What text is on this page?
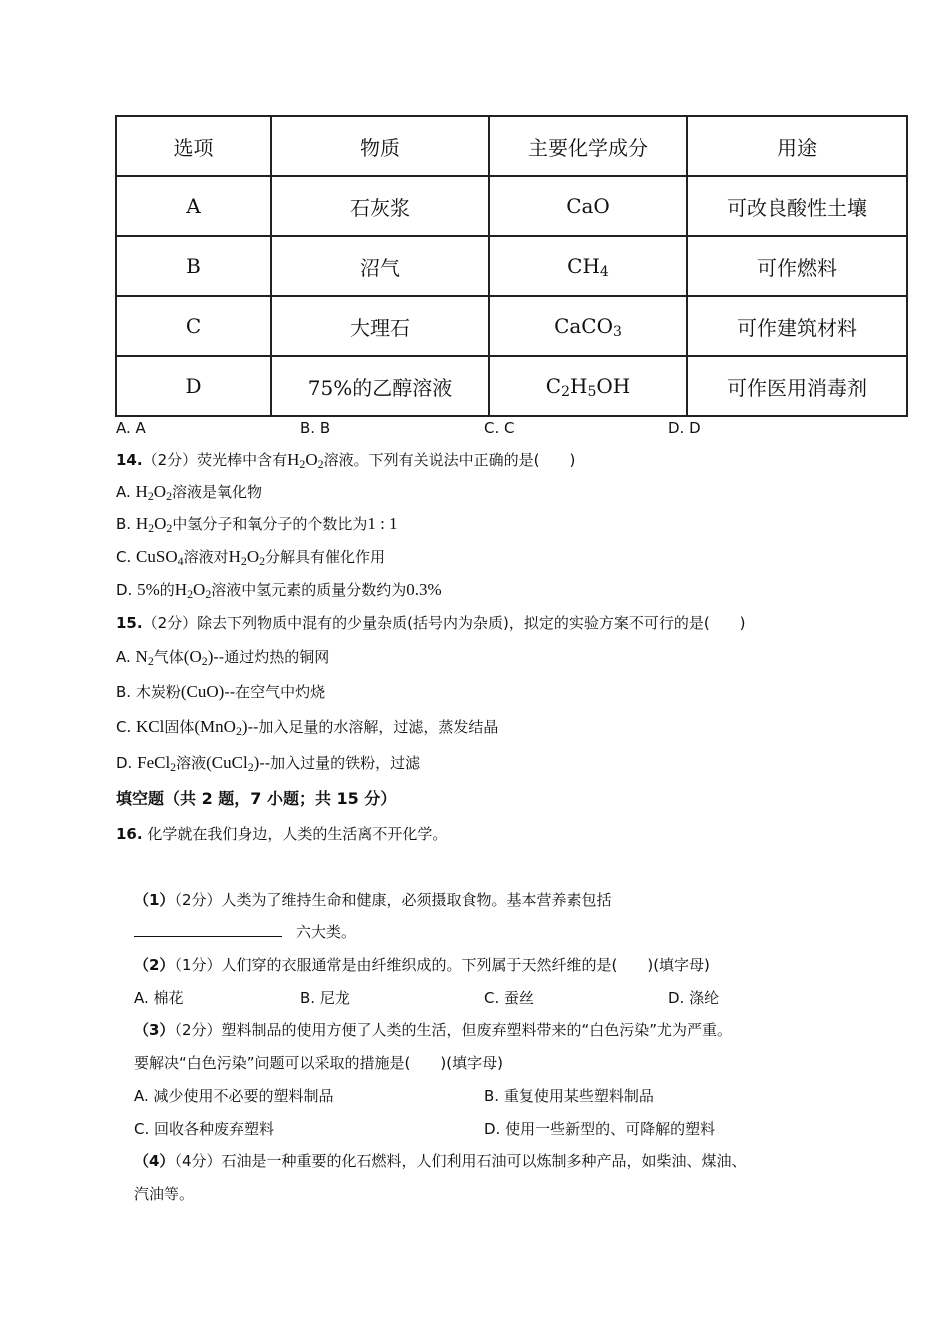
选项	物质	主要化学成分	用途
A	石灰浆	CaO	可改良酸性土壤
B	沼气	$CH_4$	可作燃料
C	大理石	CaCO$_3$	可作建筑材料
D	75%的乙醇溶液	$C_2H_5OH$	可作医用消毒剂
A. A	B. B	C. C	D. D
14.（2分）荧光棒中含有$H_2O_2$溶液。下列有关说法中正确的是(　　)
A. $H_2O_2$溶液是氧化物
B. $H_2O_2$中氢分子和氧分子的个数比为1 : 1
C. CuSO$_4$溶液对$H_2O_2$分解具有催化作用
D. 5%的$H_2O_2$溶液中氢元素的质量分数约为0.3%
15.（2分）除去下列物质中混有的少量杂质(括号内为杂质)，拟定的实验方案不可行的是(　　)
A. $N_2$气体$(O_2)--$通过灼热的铜网
B. 木炭粉(CuO)--在空气中灼烧
C. KCl固体(MnO$_2$)--加入足量的水溶解，过滤，蒸发结晶
D. FeCl$_2$溶液(CuCl$_2$)--加入过量的铁粉，过滤
填空题（共 2 题，7 小题；共 15 分）
16. 化学就在我们身边，人类的生活离不开化学。
（1）（2分）人类为了维持生命和健康，必须摄取食物。基本营养素包括
六大类。
（2）（1分）人们穿的衣服通常是由纤维织成的。下列属于天然纤维的是(　　)(填字母)
A. 棉花	B. 尼龙	C. 蚕丝	D. 涤纶
（3）（2分）塑料制品的使用方便了人类的生活，但废弃塑料带来的“白色污染”尤为严重。
要解决“白色污染”问题可以采取的措施是(　　)(填字母)
A. 减少使用不必要的塑料制品	B. 重复使用某些塑料制品
C. 回收各种废弃塑料	D. 使用一些新型的、可降解的塑料
（4）（4分）石油是一种重要的化石燃料，人们利用石油可以炼制多种产品，如柴油、煤油、
汽油等。
